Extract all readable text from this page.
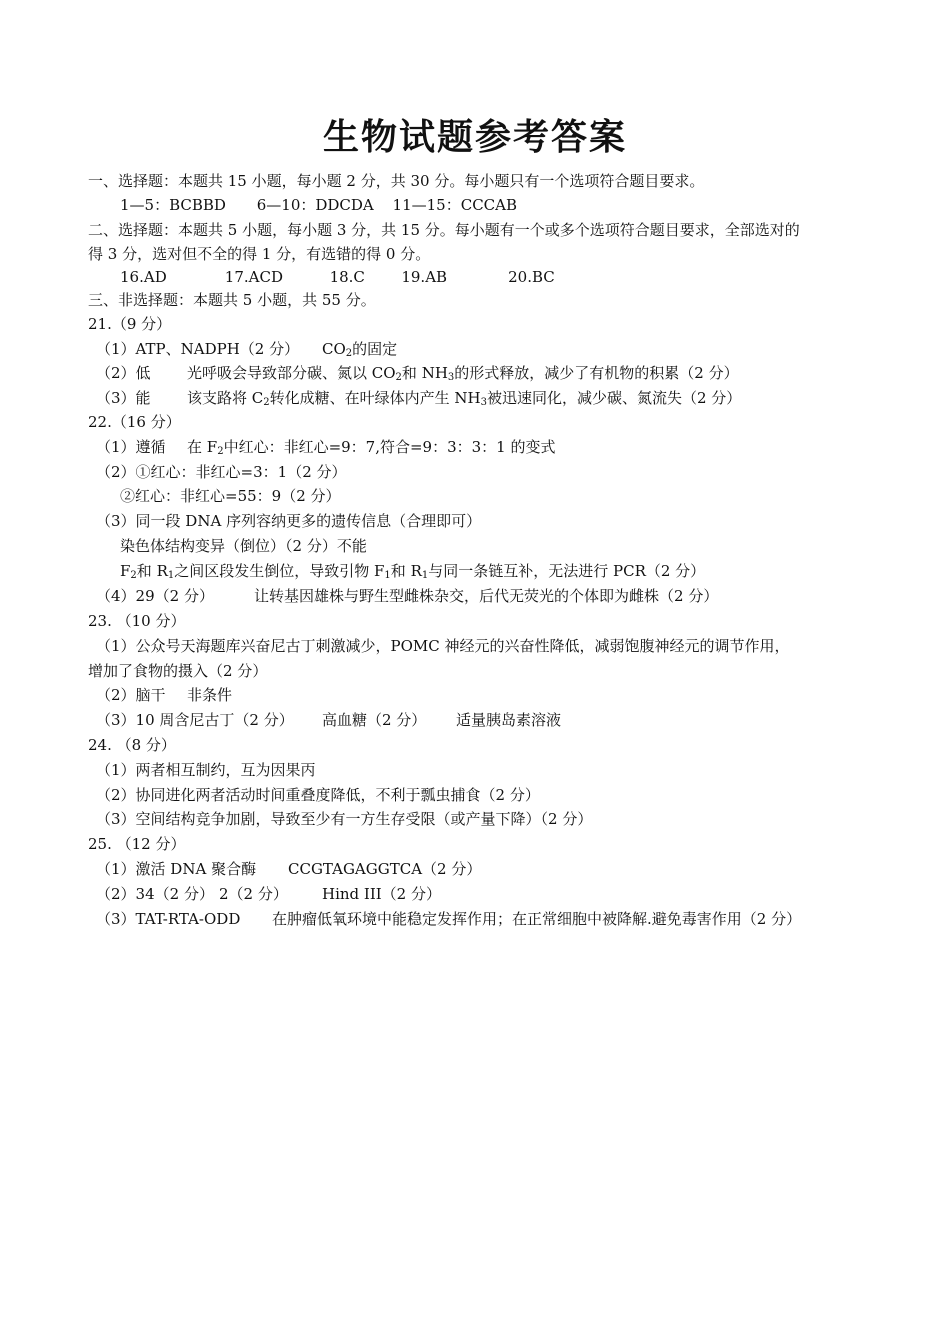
生物试题参考答案
一、选择题：本题共 15 小题，每小题 2 分，共 30 分。每小题只有一个选项符合题目要求。
1—5：BCBBD 6—10：DDCDA 11—15：CCCAB
二、选择题：本题共 5 小题，每小题 3 分，共 15 分。每小题有一个或多个选项符合题目要求，全部选对的
得 3 分，选对但不全的得 1 分，有选错的得 0 分。
16.AD	17.ACD	18.C 19.AB	20.BC
三、非选择题：本题共 5 小题，共 55 分。
21.（9 分）
（1）ATP、NADPH（2 分） $CO_2$的固定
（2）低 光呼吸会导致部分碳、氮以 $CO_2$和 $NH_3$的形式释放，减少了有机物的积累（2 分）
（3）能 该支路将 $C_2$转化成糖、在叶绿体内产生 $NH_3$被迅速同化，减少碳、氮流失（2 分）
22.（16 分）
（1）遵循 在 $F_2$中红心：非红心=9：7,符合=9：3：3：1 的变式
（2）①红心：非红心=3：1（2 分）
②红心：非红心=55：9（2 分）
（3）同一段 DNA 序列容纳更多的遗传信息（合理即可）
染色体结构变异（倒位）（2 分）不能
$F_2$和 $R_1$之间区段发生倒位，导致引物 $F_1$和 $R_1$与同一条链互补，无法进行 PCR（2 分）
（4）29（2 分）	让转基因雄株与野生型雌株杂交，后代无荧光的个体即为雌株（2 分）
23. （10 分）
（1）公众号天海题库兴奋尼古丁刺激减少，POMC 神经元的兴奋性降低，减弱饱腹神经元的调节作用，
增加了食物的摄入（2 分）
（2）脑干 非条件
（3）10 周含尼古丁（2 分） 高血糖（2 分） 适量胰岛素溶液
24. （8 分）
（1）两者相互制约，互为因果丙
（2）协同进化两者活动时间重叠度降低，不利于瓢虫捕食（2 分）
（3）空间结构竞争加剧，导致至少有一方生存受限（或产量下降）（2 分）
25. （12 分）
（1）激活 DNA 聚合酶 CCGTAGAGGTCA（2 分）
（2）34（2 分） 2（2 分） Hind III（2 分）
（3）TAT-RTA-ODD 在肿瘤低氧环境中能稳定发挥作用；在正常细胞中被降解.避免毒害作用（2 分）
